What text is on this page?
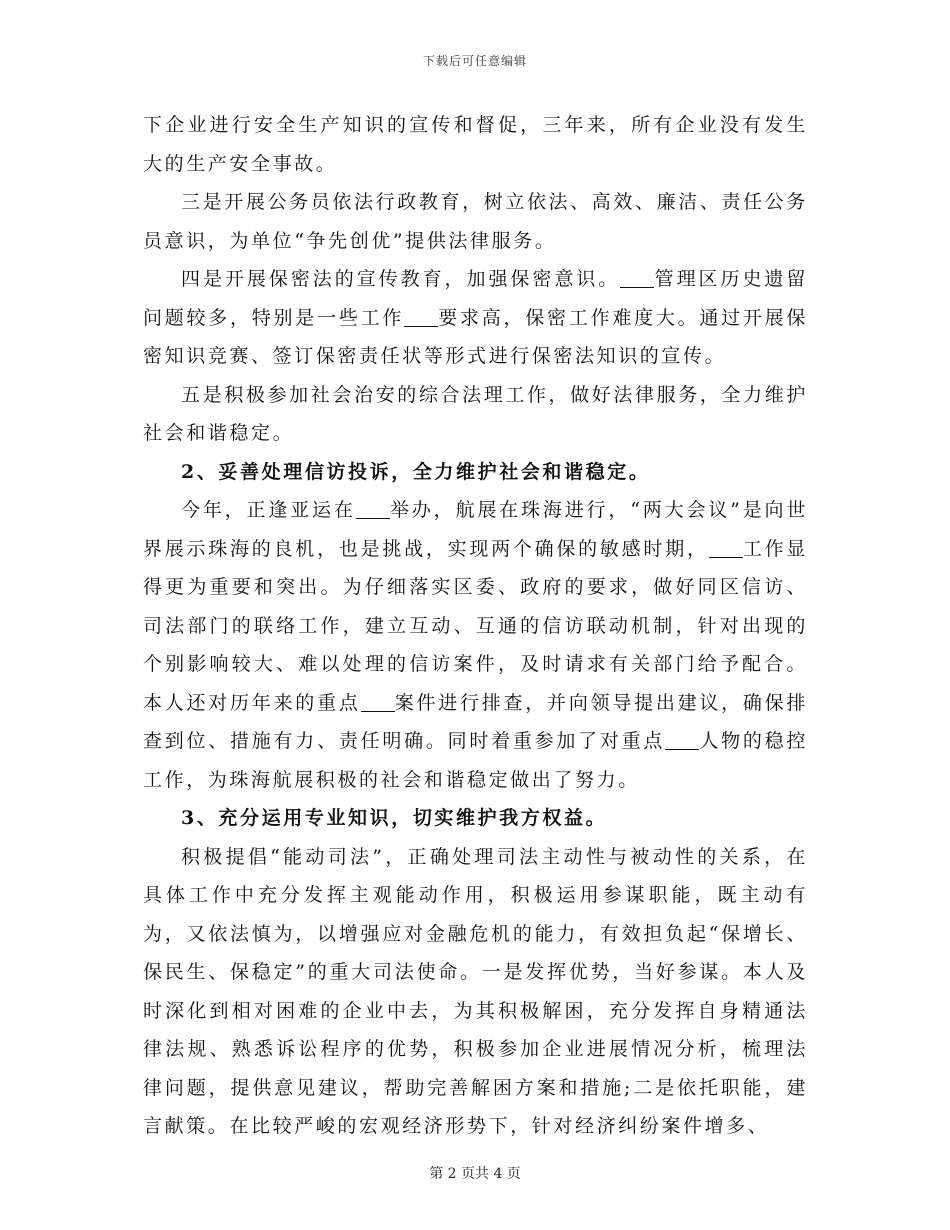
下载后可任意编辑

下企业进行安全生产知识的宣传和督促，三年来，所有企业没有发生大的生产安全事故。

三是开展公务员依法行政教育，树立依法、高效、廉洁、责任公务员意识，为单位“争先创优”提供法律服务。

四是开展保密法的宣传教育，加强保密意识。 管理区历史遗留问题较多，特别是一些工作 要求高，保密工作难度大。通过开展保密知识竞赛、签订保密责任状等形式进行保密法知识的宣传。

五是积极参加社会治安的综合法理工作，做好法律服务，全力维护社会和谐稳定。

2、妥善处理信访投诉，全力维护社会和谐稳定。

今年，正逢亚运在 举办，航展在珠海进行，“两大会议”是向世界展示珠海的良机，也是挑战，实现两个确保的敏感时期， 工作显得更为重要和突出。为仔细落实区委、政府的要求，做好同区信访、司法部门的联络工作，建立互动、互通的信访联动机制，针对出现的个别影响较大、难以处理的信访案件，及时请求有关部门给予配合。本人还对历年来的重点 案件进行排查，并向领导提出建议，确保排查到位、措施有力、责任明确。同时着重参加了对重点 人物的稳控工作，为珠海航展积极的社会和谐稳定做出了努力。

3、充分运用专业知识，切实维护我方权益。

积极提倡“能动司法”，正确处理司法主动性与被动性的关系，在具体工作中充分发挥主观能动作用，积极运用参谋职能，既主动有为，又依法慎为，以增强应对金融危机的能力，有效担负起“保增长、保民生、保稳定”的重大司法使命。一是发挥优势，当好参谋。本人及时深化到相对困难的企业中去，为其积极解困，充分发挥自身精通法律法规、熟悉诉讼程序的优势，积极参加企业进展情况分析，梳理法律问题，提供意见建议，帮助完善解困方案和措施;二是依托职能，建言献策。在比较严峻的宏观经济形势下，针对经济纠纷案件增多、

第 2 页共 4 页
